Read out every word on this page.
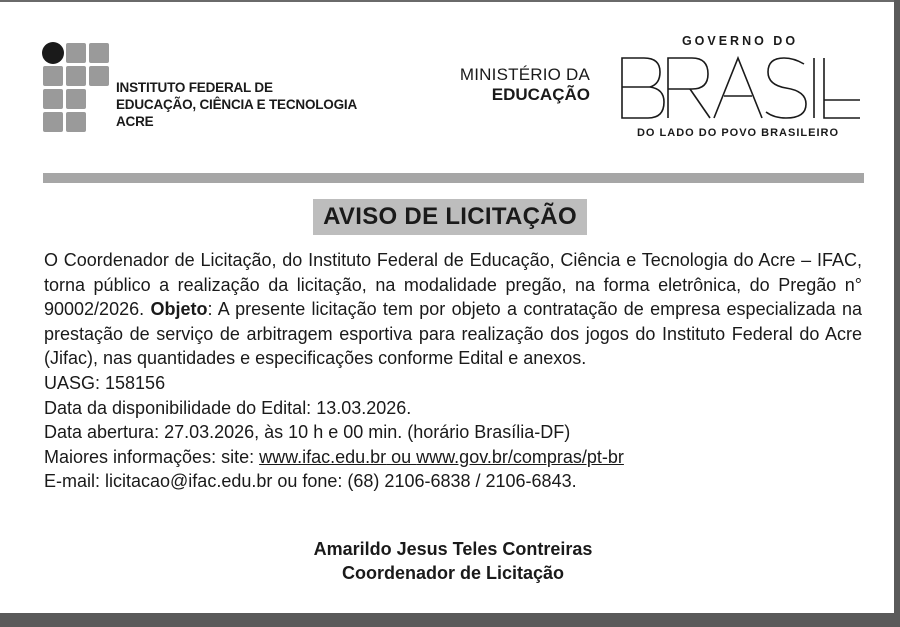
INSTITUTO FEDERAL DE
EDUCAÇÃO, CIÊNCIA E TECNOLOGIA
ACRE
MINISTÉRIO DA
EDUCAÇÃO
GOVERNO DO
BRASIL
DO LADO DO POVO BRASILEIRO
AVISO DE LICITAÇÃO

O Coordenador de Licitação, do Instituto Federal de Educação, Ciência e Tecnologia do Acre – IFAC, torna público a realização da licitação, na modalidade pregão, na forma eletrônica, do Pregão n° 90002/2026. Objeto: A presente licitação tem por objeto a contratação de empresa especializada na prestação de serviço de arbitragem esportiva para realização dos jogos do Instituto Federal do Acre (Jifac), nas quantidades e especificações conforme Edital e anexos.

UASG: 158156

Data da disponibilidade do Edital: 13.03.2026.

Data abertura: 27.03.2026, às 10 h e 00 min. (horário Brasília-DF)

Maiores informações: site: www.ifac.edu.br ou www.gov.br/compras/pt-br

E-mail: licitacao@ifac.edu.br ou fone: (68) 2106-6838 / 2106-6843.

Amarildo Jesus Teles Contreiras
Coordenador de Licitação
